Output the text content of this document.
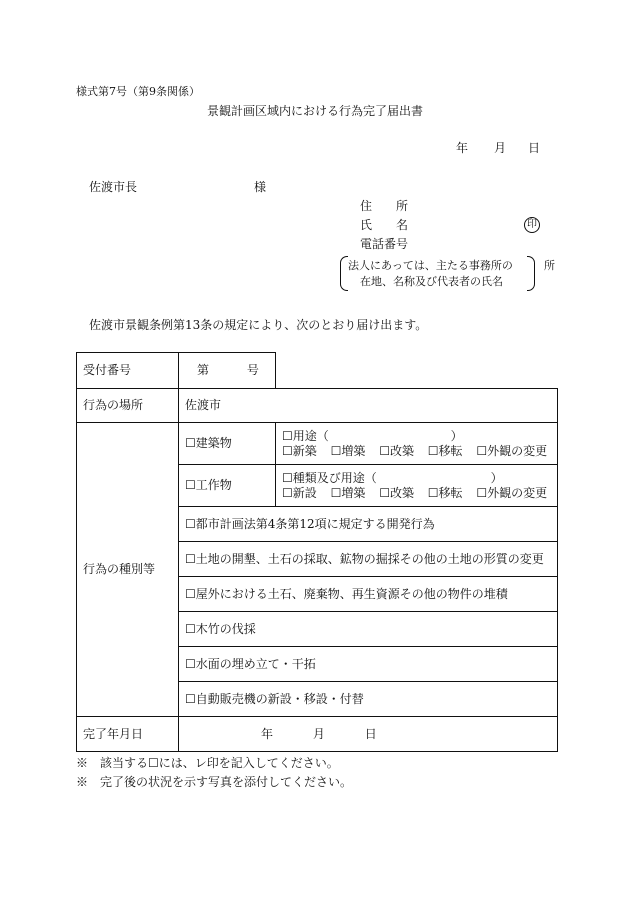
様式第7号（第9条関係）
景観計画区域内における行為完了届出書
年 月 日
佐渡市長	様
住　　所
氏　　名	印
電話番号
法人にあっては、主たる事務所の
在地、名称及び代表者の氏名
所
佐渡市景観条例第13条の規定により、次のとおり届け出ます。
受付番号	第 号	
行為の場所	佐渡市	
行為の種別等	☐建築物	☐用途（ ）
☐新築 ☐増築 ☐改築 ☐移転 ☐外観の変更

	☐工作物	☐種類及び用途（ ）
☐新設 ☐増築 ☐改築 ☐移転 ☐外観の変更

	☐都市計画法第4条第12項に規定する開発行為	
	☐土地の開墾、土石の採取、鉱物の掘採その他の土地の形質の変更	
	☐屋外における土石、廃棄物、再生資源その他の物件の堆積	
	☐木竹の伐採	
	☐水面の埋め立て・干拓	
	☐自動販売機の新設・移設・付替	
完了年月日	年 月 日	
※　該当する☐には、レ印を記入してください。
※　完了後の状況を示す写真を添付してください。
